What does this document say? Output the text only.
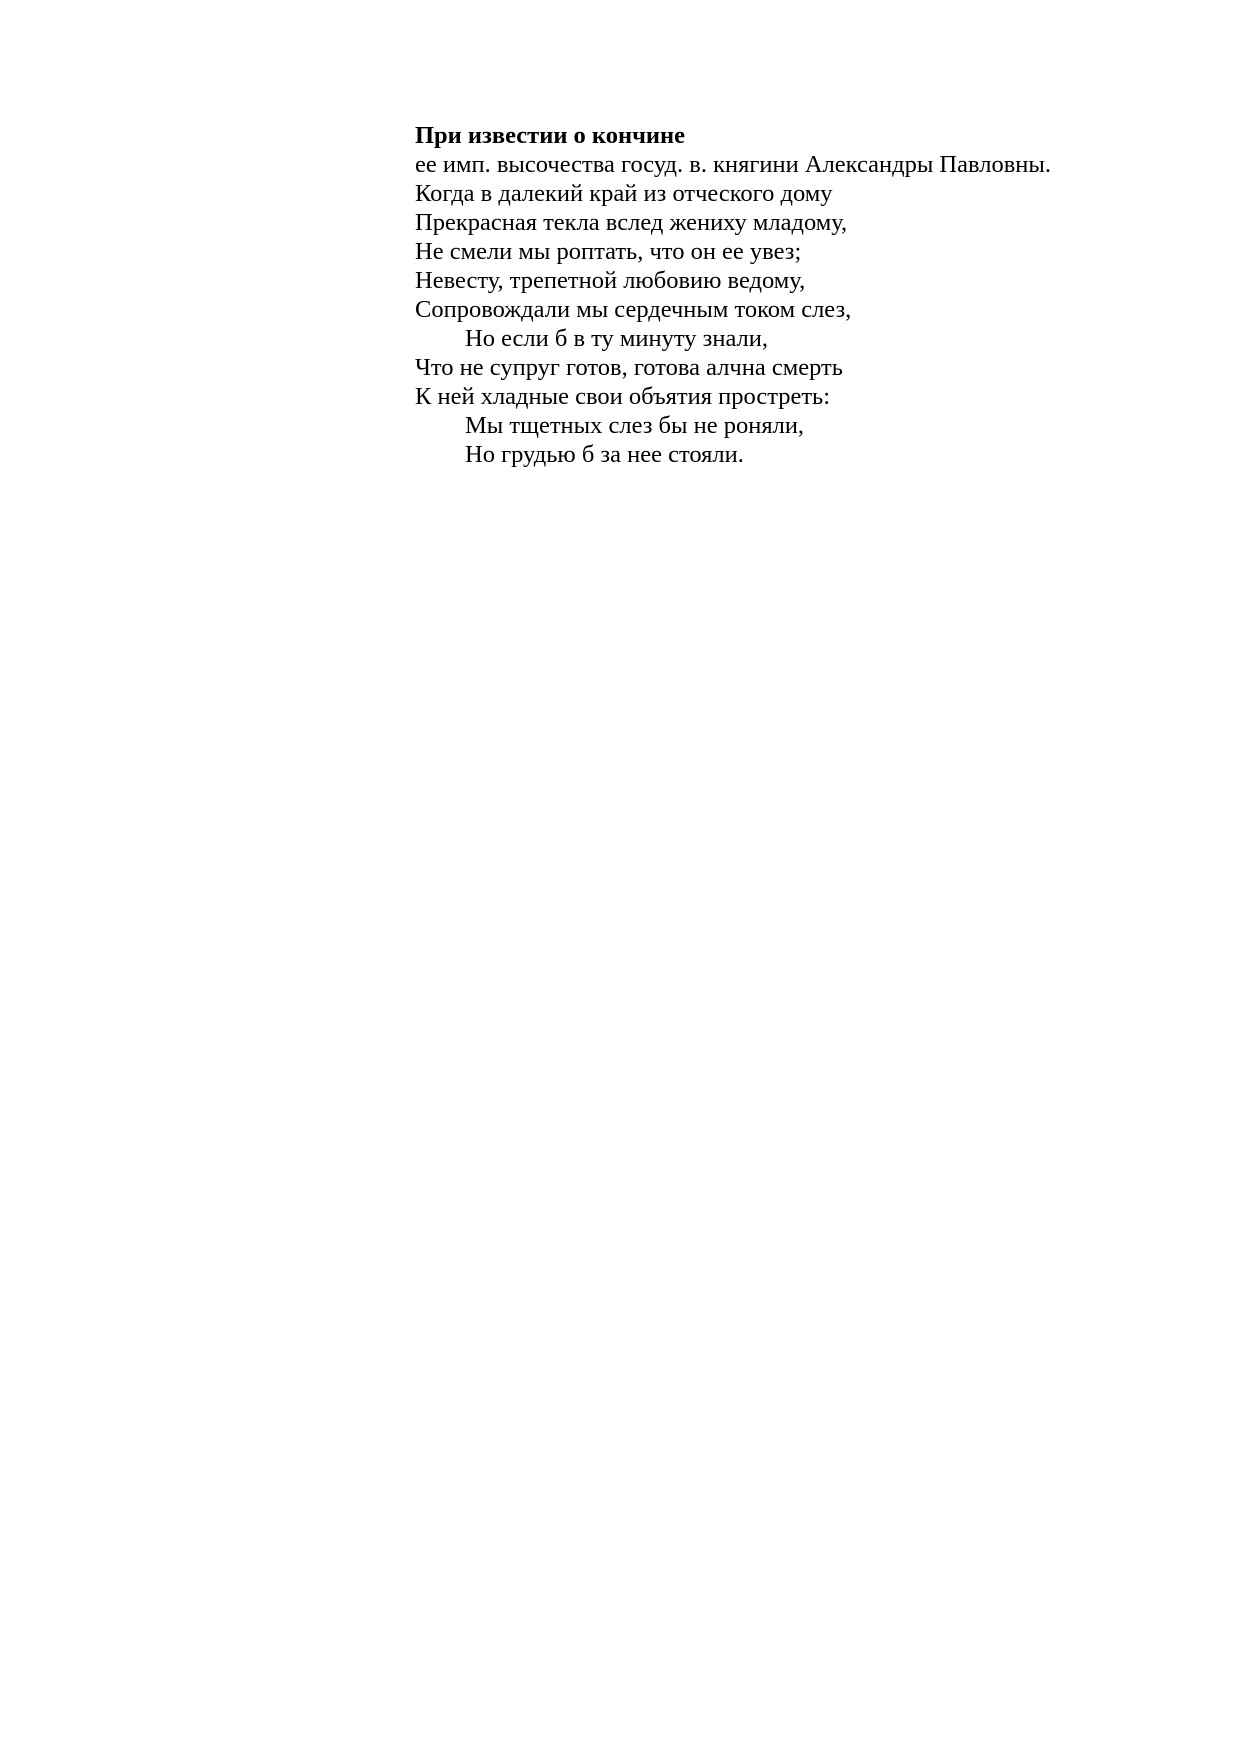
При известии о кончине
ее имп. высочества госуд. в. княгини Александры Павловны.
Когда в далекий край из отческого дому
Прекрасная текла вслед жениху младому,
Не смели мы роптать, что он ее увез;
Невесту, трепетной любовию ведому,
Сопровождали мы сердечным током слез,
Но если б в ту минуту знали,
Что не супруг готов, готова алчна смерть
К ней хладные свои объятия простреть:
Мы тщетных слез бы не роняли,
Но грудью б за нее стояли.
